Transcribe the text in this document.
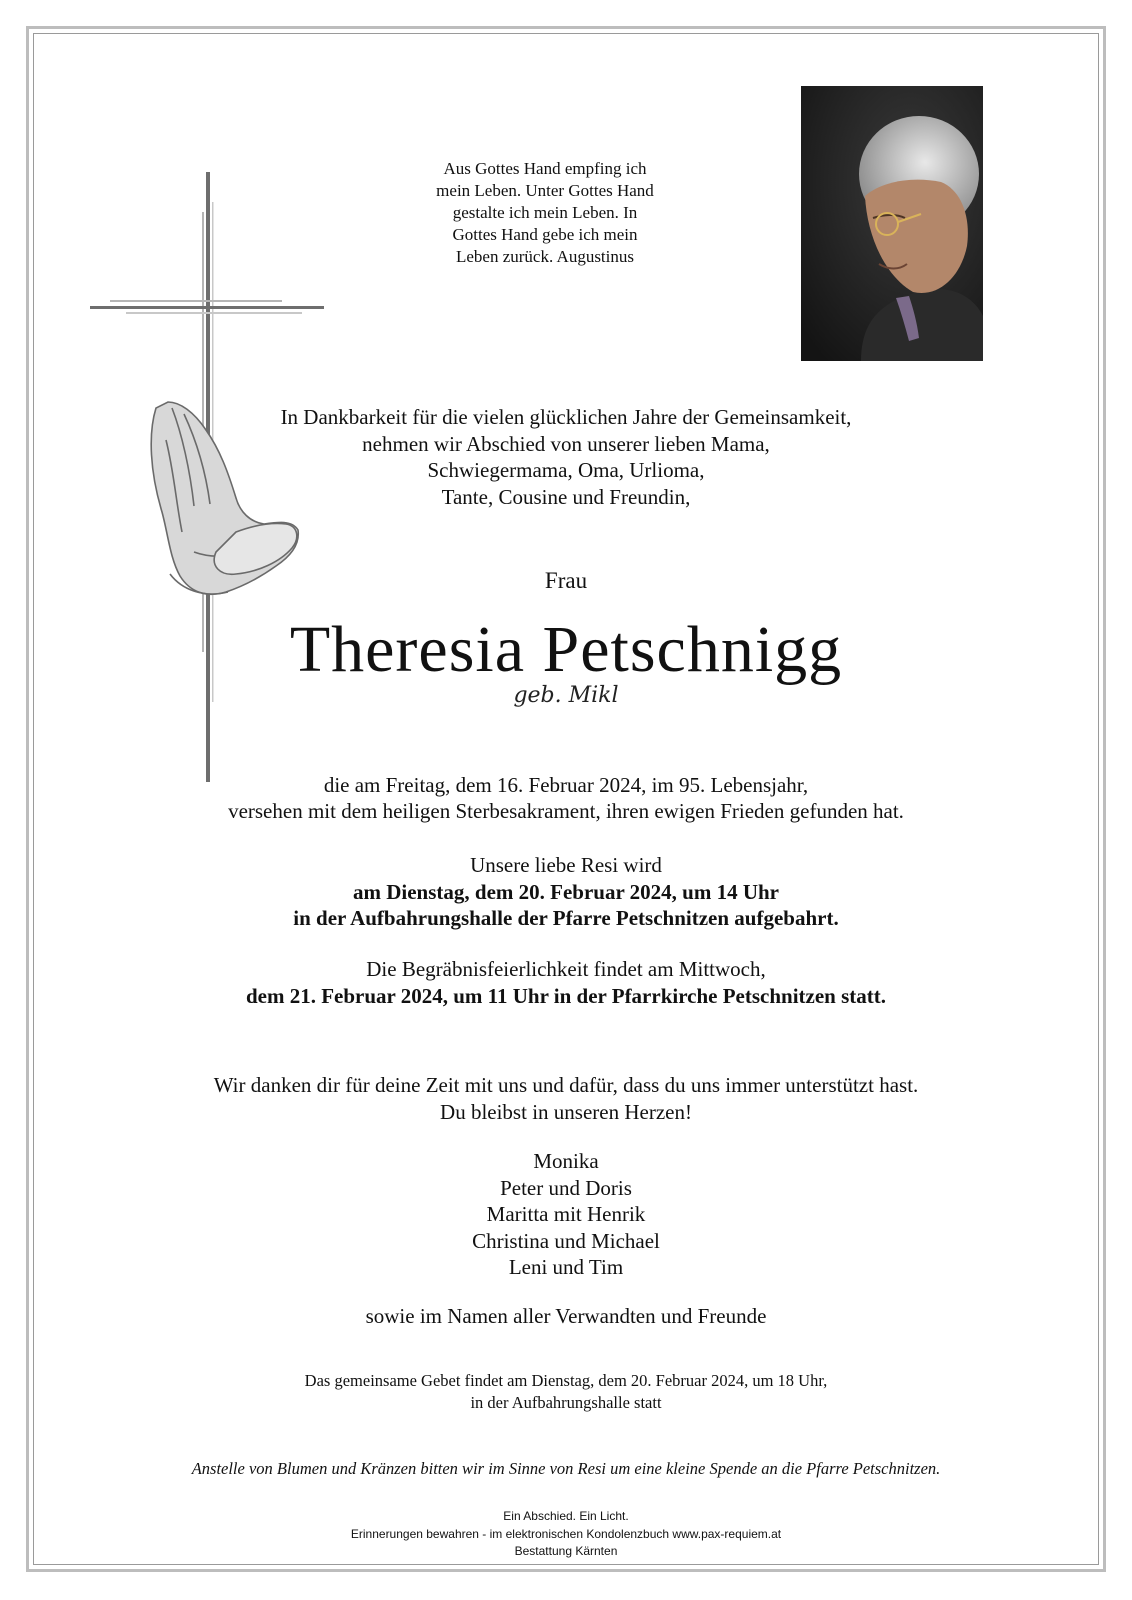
Aus Gottes Hand empfing ich
mein Leben. Unter Gottes Hand
gestalte ich mein Leben. In
Gottes Hand gebe ich mein
Leben zurück. Augustinus
In Dankbarkeit für die vielen glücklichen Jahre der Gemeinsamkeit,
nehmen wir Abschied von unserer lieben Mama,
Schwiegermama, Oma, Urlioma,
Tante, Cousine und Freundin,
Frau
Theresia Petschnigg
geb. Mikl
die am Freitag, dem 16. Februar 2024, im 95. Lebensjahr,
versehen mit dem heiligen Sterbesakrament, ihren ewigen Frieden gefunden hat.
Unsere liebe Resi wird
am Dienstag, dem 20. Februar 2024, um 14 Uhr
in der Aufbahrungshalle der Pfarre Petschnitzen aufgebahrt.
Die Begräbnisfeierlichkeit findet am Mittwoch,
dem 21. Februar 2024, um 11 Uhr in der Pfarrkirche Petschnitzen statt.
Wir danken dir für deine Zeit mit uns und dafür, dass du uns immer unterstützt hast.
Du bleibst in unseren Herzen!
Monika
Peter und Doris
Maritta mit Henrik
Christina und Michael
Leni und Tim
sowie im Namen aller Verwandten und Freunde
Das gemeinsame Gebet findet am Dienstag, dem 20. Februar 2024, um 18 Uhr,
in der Aufbahrungshalle statt
Anstelle von Blumen und Kränzen bitten wir im Sinne von Resi um eine kleine Spende an die Pfarre Petschnitzen.
Ein Abschied. Ein Licht.
Erinnerungen bewahren - im elektronischen Kondolenzbuch www.pax-requiem.at
Bestattung Kärnten
